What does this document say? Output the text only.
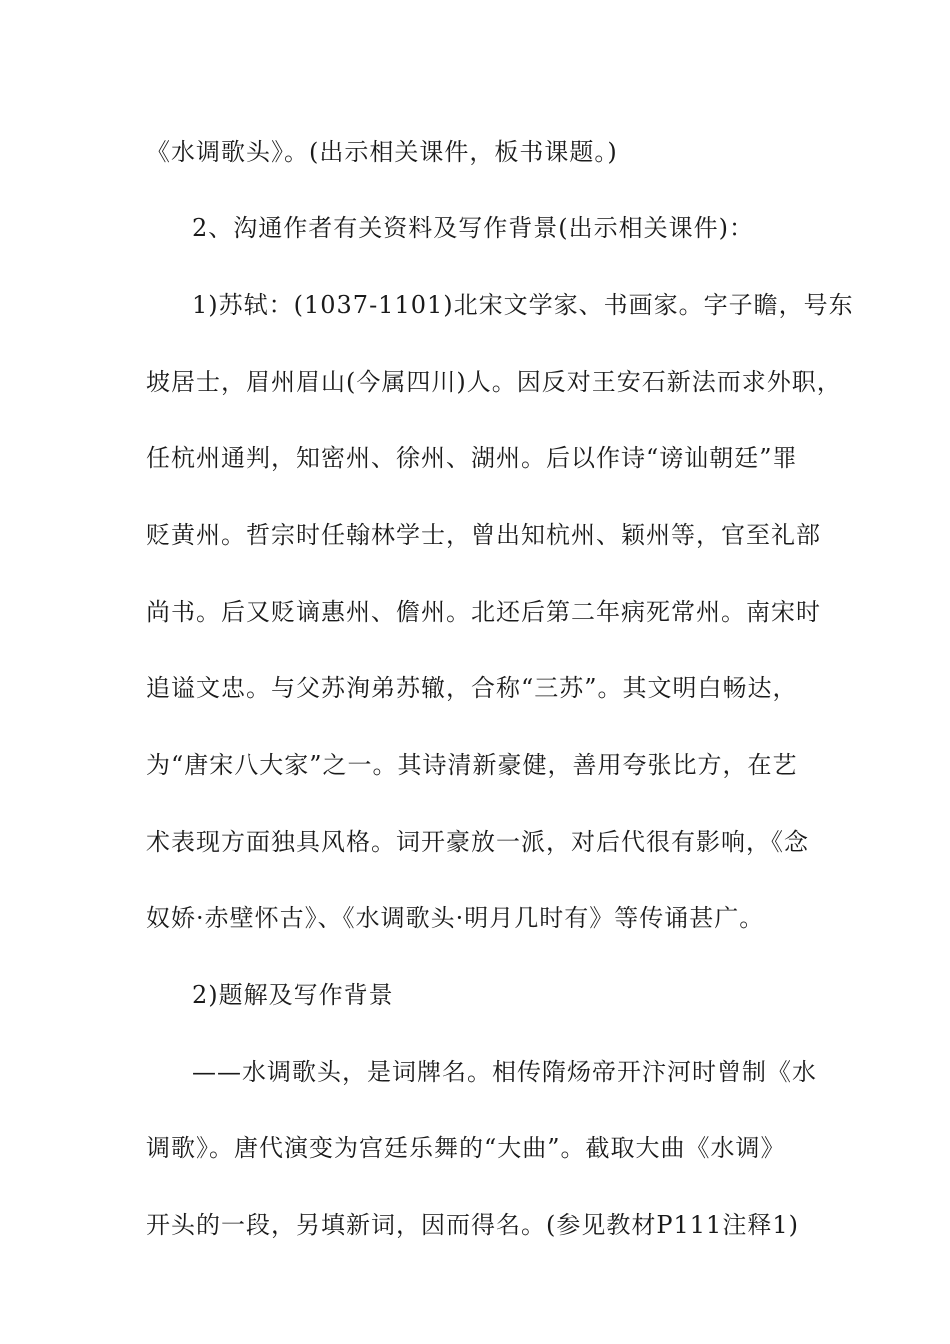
《水调歌头》。(出示相关课件，板书课题。)
2、沟通作者有关资料及写作背景(出示相关课件)：
1)苏轼：(1037-1101)北宋文学家、书画家。字子瞻，号东
坡居士，眉州眉山(今属四川)人。因反对王安石新法而求外职，
任杭州通判，知密州、徐州、湖州。后以作诗“谤讪朝廷”罪
贬黄州。哲宗时任翰林学士，曾出知杭州、颖州等，官至礼部
尚书。后又贬谪惠州、儋州。北还后第二年病死常州。南宋时
追谥文忠。与父苏洵弟苏辙，合称“三苏”。其文明白畅达，
为“唐宋八大家”之一。其诗清新豪健，善用夸张比方，在艺
术表现方面独具风格。词开豪放一派，对后代很有影响，《念
奴娇·赤壁怀古》、《水调歌头·明月几时有》等传诵甚广。
2)题解及写作背景
——水调歌头，是词牌名。相传隋炀帝开汴河时曾制《水
调歌》。唐代演变为宫廷乐舞的“大曲”。截取大曲《水调》
开头的一段，另填新词，因而得名。(参见教材P111注释1)
